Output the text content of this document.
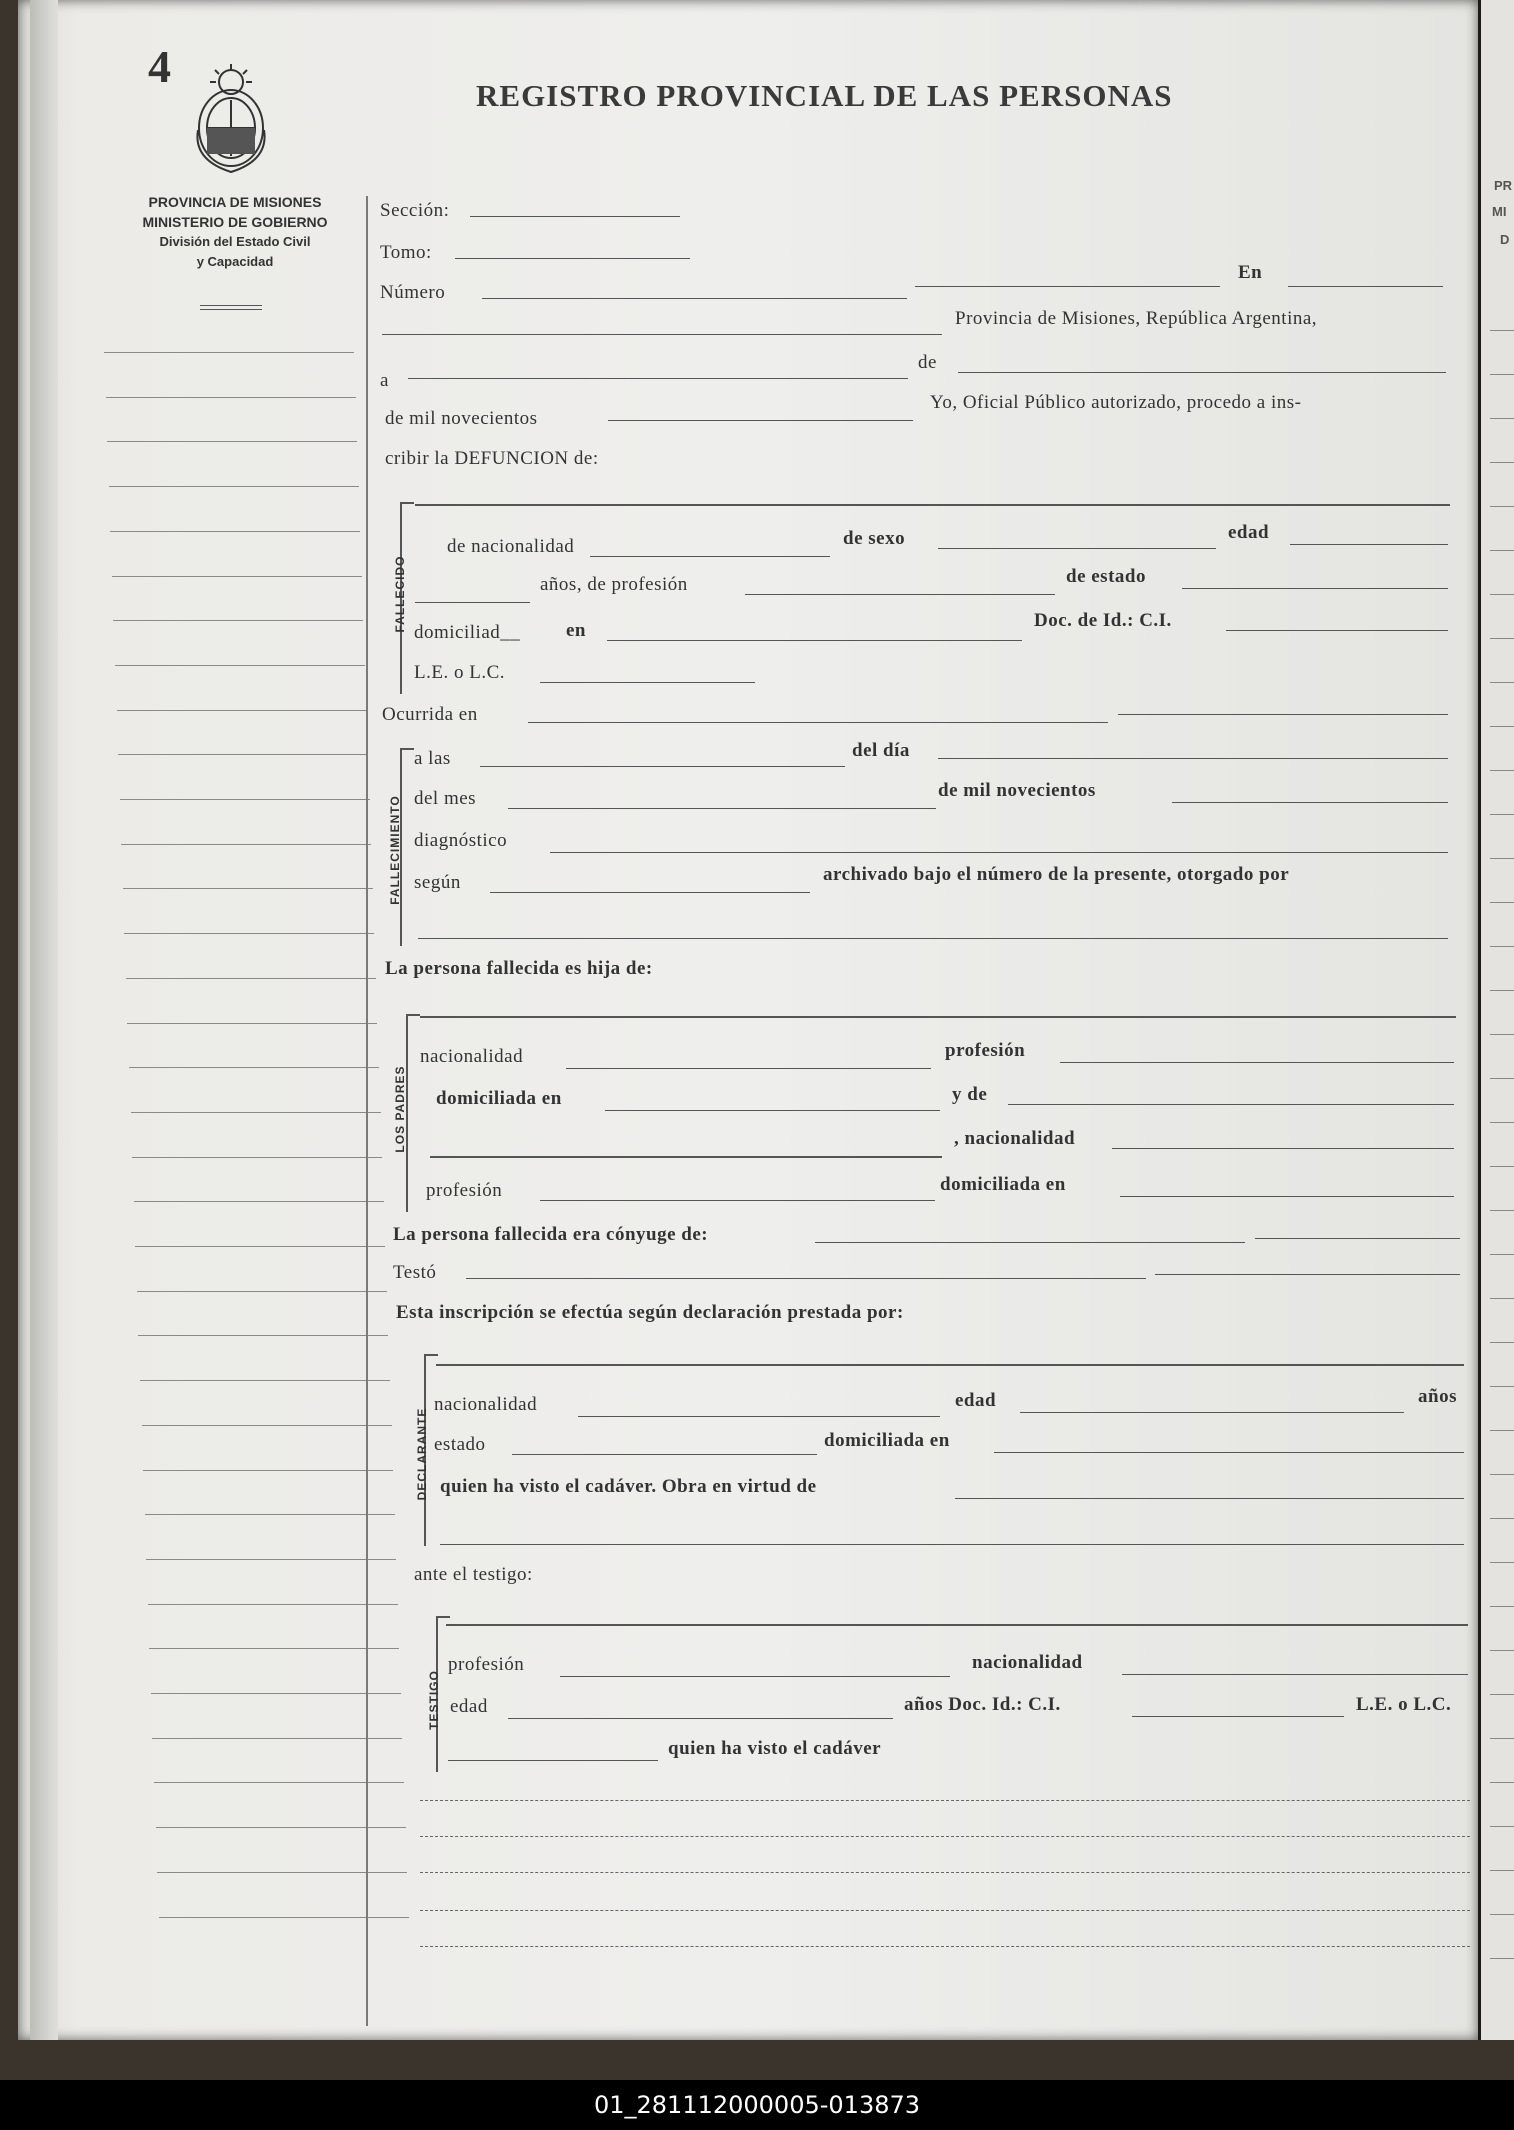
PR
MI
D
4
REGISTRO PROVINCIAL DE LAS PERSONAS
PROVINCIA DE MISIONES
MINISTERIO DE GOBIERNO
División del Estado Civil
y Capacidad
Sección:
Tomo:
Número
En
Provincia de Misiones, República Argentina,
a
de
de mil novecientos
Yo, Oficial Público autorizado, procedo a ins-
cribir la DEFUNCION de:
FALLECIDO
de nacionalidad	de sexo	edad
años, de profesión	de estado
domiciliad__ en	Doc. de Id.: C.I.
L.E. o L.C.
Ocurrida en
FALLECIMIENTO
a las	del día
del mes	de mil novecientos
diagnóstico
según	archivado bajo el número de la presente, otorgado por
La persona fallecida es hija de:
LOS PADRES
nacionalidad	profesión
domiciliada en	y de
, nacionalidad
profesión	domiciliada en
La persona fallecida era cónyuge de:
Testó
Esta inscripción se efectúa según declaración prestada por:
DECLARANTE
nacionalidad	edad	años
estado	domiciliada en
quien ha visto el cadáver. Obra en virtud de
ante el testigo:
TESTIGO
profesión	nacionalidad
edad	años Doc. Id.: C.I.	L.E. o L.C.
quien ha visto el cadáver
01_281112000005-013873
